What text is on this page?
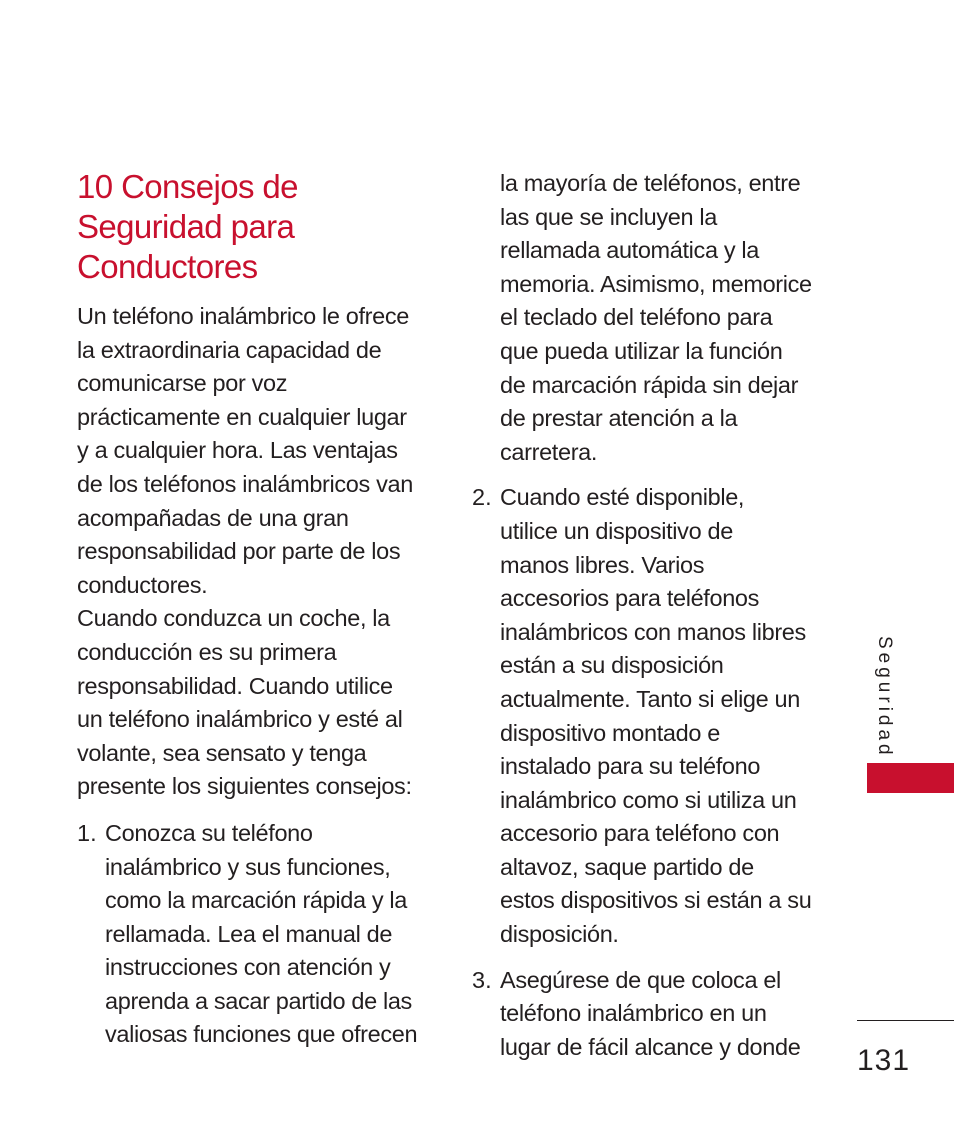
10 Consejos de
Seguridad para
Conductores
Un teléfono inalámbrico le ofrece
la extraordinaria capacidad de
comunicarse por voz
prácticamente en cualquier lugar
y a cualquier hora. Las ventajas
de los teléfonos inalámbricos van
acompañadas de una gran
responsabilidad por parte de los
conductores.
Cuando conduzca un coche, la
conducción es su primera
responsabilidad. Cuando utilice
un teléfono inalámbrico y esté al
volante, sea sensato y tenga
presente los siguientes consejos:
1. Conozca su teléfono
inalámbrico y sus funciones,
como la marcación rápida y la
rellamada. Lea el manual de
instrucciones con atención y
aprenda a sacar partido de las
valiosas funciones que ofrecen
la mayoría de teléfonos, entre
las que se incluyen la
rellamada automática y la
memoria. Asimismo, memorice
el teclado del teléfono para
que pueda utilizar la función
de marcación rápida sin dejar
de prestar atención a la
carretera.
2. Cuando esté disponible,
utilice un dispositivo de
manos libres. Varios
accesorios para teléfonos
inalámbricos con manos libres
están a su disposición
actualmente. Tanto si elige un
dispositivo montado e
instalado para su teléfono
inalámbrico como si utiliza un
accesorio para teléfono con
altavoz, saque partido de
estos dispositivos si están a su
disposición.
3. Asegúrese de que coloca el
teléfono inalámbrico en un
lugar de fácil alcance y donde
Seguridad
131
